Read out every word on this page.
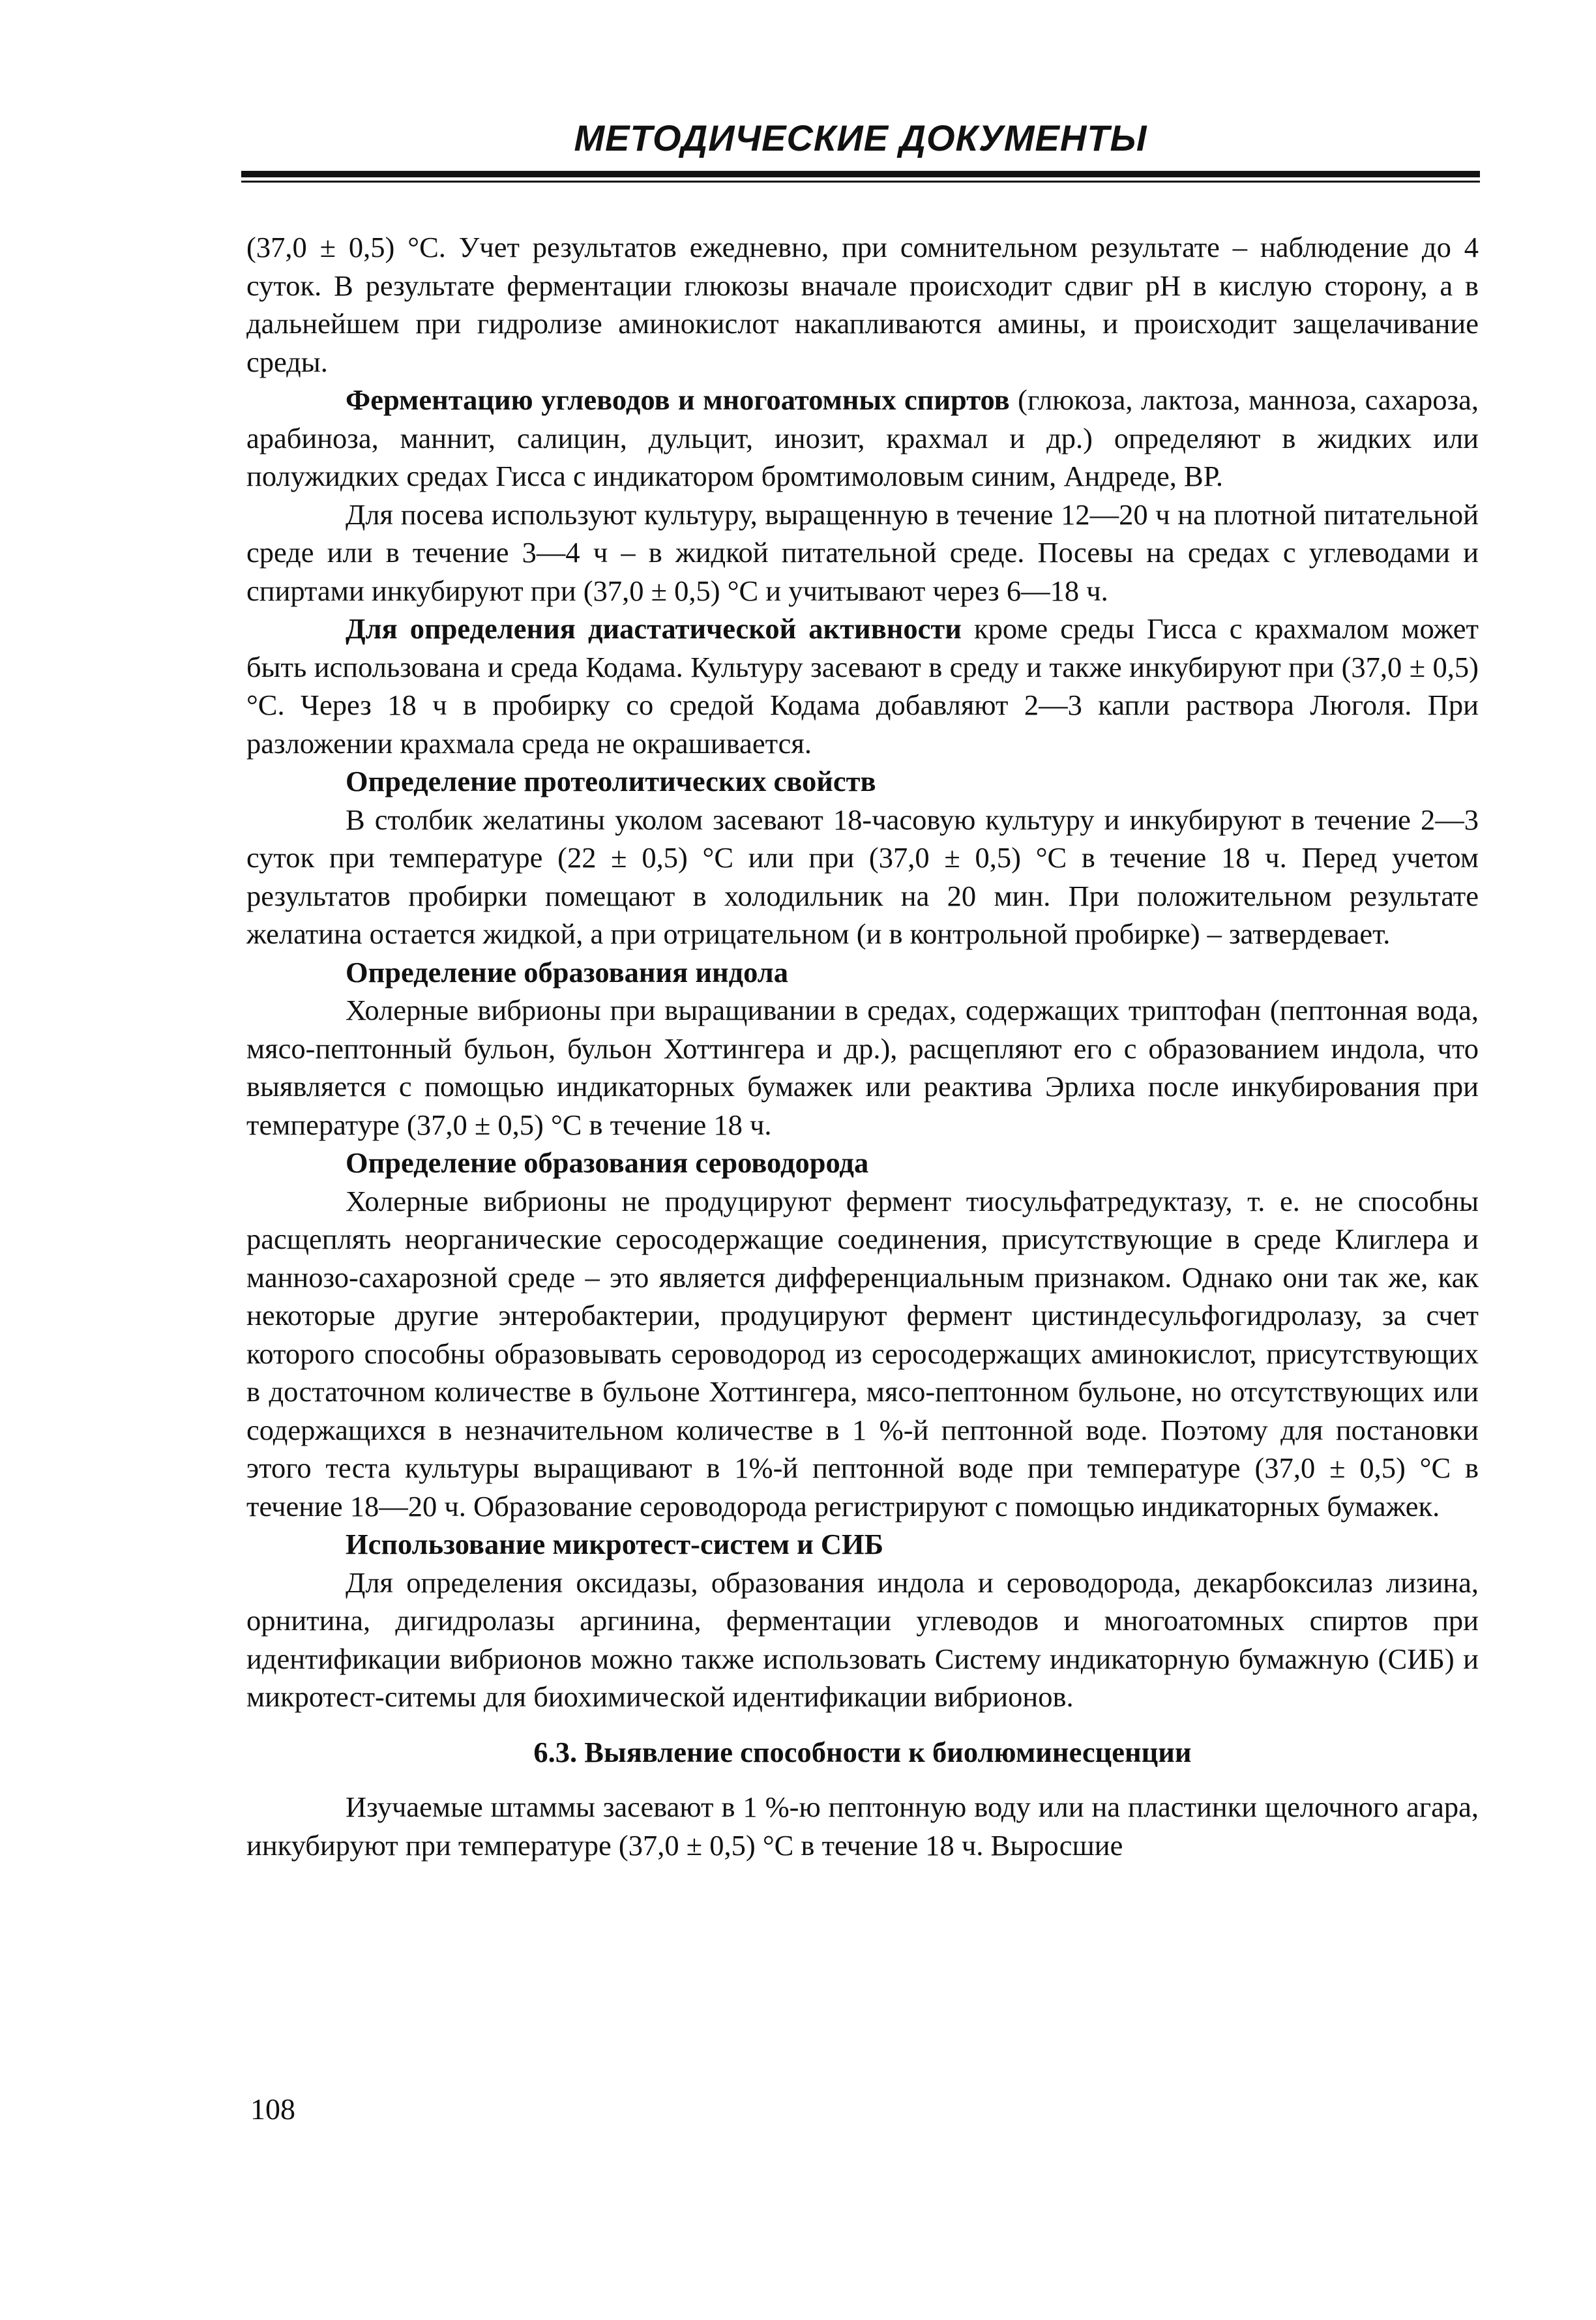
МЕТОДИЧЕСКИЕ ДОКУМЕНТЫ

(37,0 ± 0,5) °С. Учет результатов ежедневно, при сомнительном результате – наблюдение до 4 суток. В результате ферментации глюкозы вначале происходит сдвиг pH в кислую сторону, а в дальнейшем при гидролизе аминокислот накапливаются амины, и происходит защелачивание среды.

Ферментацию углеводов и многоатомных спиртов (глюкоза, лактоза, манноза, сахароза, арабиноза, маннит, салицин, дульцит, инозит, крахмал и др.) определяют в жидких или полужидких средах Гисса с индикатором бромтимоловым синим, Андреде, ВР.

Для посева используют культуру, выращенную в течение 12—20 ч на плотной питательной среде или в течение 3—4 ч – в жидкой питательной среде. Посевы на средах с углеводами и спиртами инкубируют при (37,0 ± 0,5) °С и учитывают через 6—18 ч.

Для определения диастатической активности кроме среды Гисса с крахмалом может быть использована и среда Кодама. Культуру засевают в среду и также инкубируют при (37,0 ± 0,5) °С. Через 18 ч в пробирку со средой Кодама добавляют 2—3 капли раствора Люголя. При разложении крахмала среда не окрашивается.

Определение протеолитических свойств

В столбик желатины уколом засевают 18-часовую культуру и инкубируют в течение 2—3 суток при температуре (22 ± 0,5) °С или при (37,0 ± 0,5) °С в течение 18 ч. Перед учетом результатов пробирки помещают в холодильник на 20 мин. При положительном результате желатина остается жидкой, а при отрицательном (и в контрольной пробирке) – затвердевает.

Определение образования индола

Холерные вибрионы при выращивании в средах, содержащих триптофан (пептонная вода, мясо-пептонный бульон, бульон Хоттингера и др.), расщепляют его с образованием индола, что выявляется с помощью индикаторных бумажек или реактива Эрлиха после инкубирования при температуре (37,0 ± 0,5) °С в течение 18 ч.

Определение образования сероводорода

Холерные вибрионы не продуцируют фермент тиосульфатредуктазу, т. е. не способны расщеплять неорганические серосодержащие соединения, присутствующие в среде Клиглера и маннозо-сахарозной среде – это является дифференциальным признаком. Однако они так же, как некоторые другие энтеробактерии, продуцируют фермент цистиндесульфогидролазу, за счет которого способны образовывать сероводород из серосодержащих аминокислот, присутствующих в достаточном количестве в бульоне Хоттингера, мясо-пептонном бульоне, но отсутствующих или содержащихся в незначительном количестве в 1 %-й пептонной воде. Поэтому для постановки этого теста культуры выращивают в 1%-й пептонной воде при температуре (37,0 ± 0,5) °С в течение 18—20 ч. Образование сероводорода регистрируют с помощью индикаторных бумажек.

Использование микротест-систем и СИБ

Для определения оксидазы, образования индола и сероводорода, декарбоксилаз лизина, орнитина, дигидролазы аргинина, ферментации углеводов и многоатомных спиртов при идентификации вибрионов можно также использовать Систему индикаторную бумажную (СИБ) и микротест-ситемы для биохимической идентификации вибрионов.

6.3. Выявление способности к биолюминесценции

Изучаемые штаммы засевают в 1 %-ю пептонную воду или на пластинки щелочного агара, инкубируют при температуре (37,0 ± 0,5) °С в течение 18 ч. Выросшие

108
